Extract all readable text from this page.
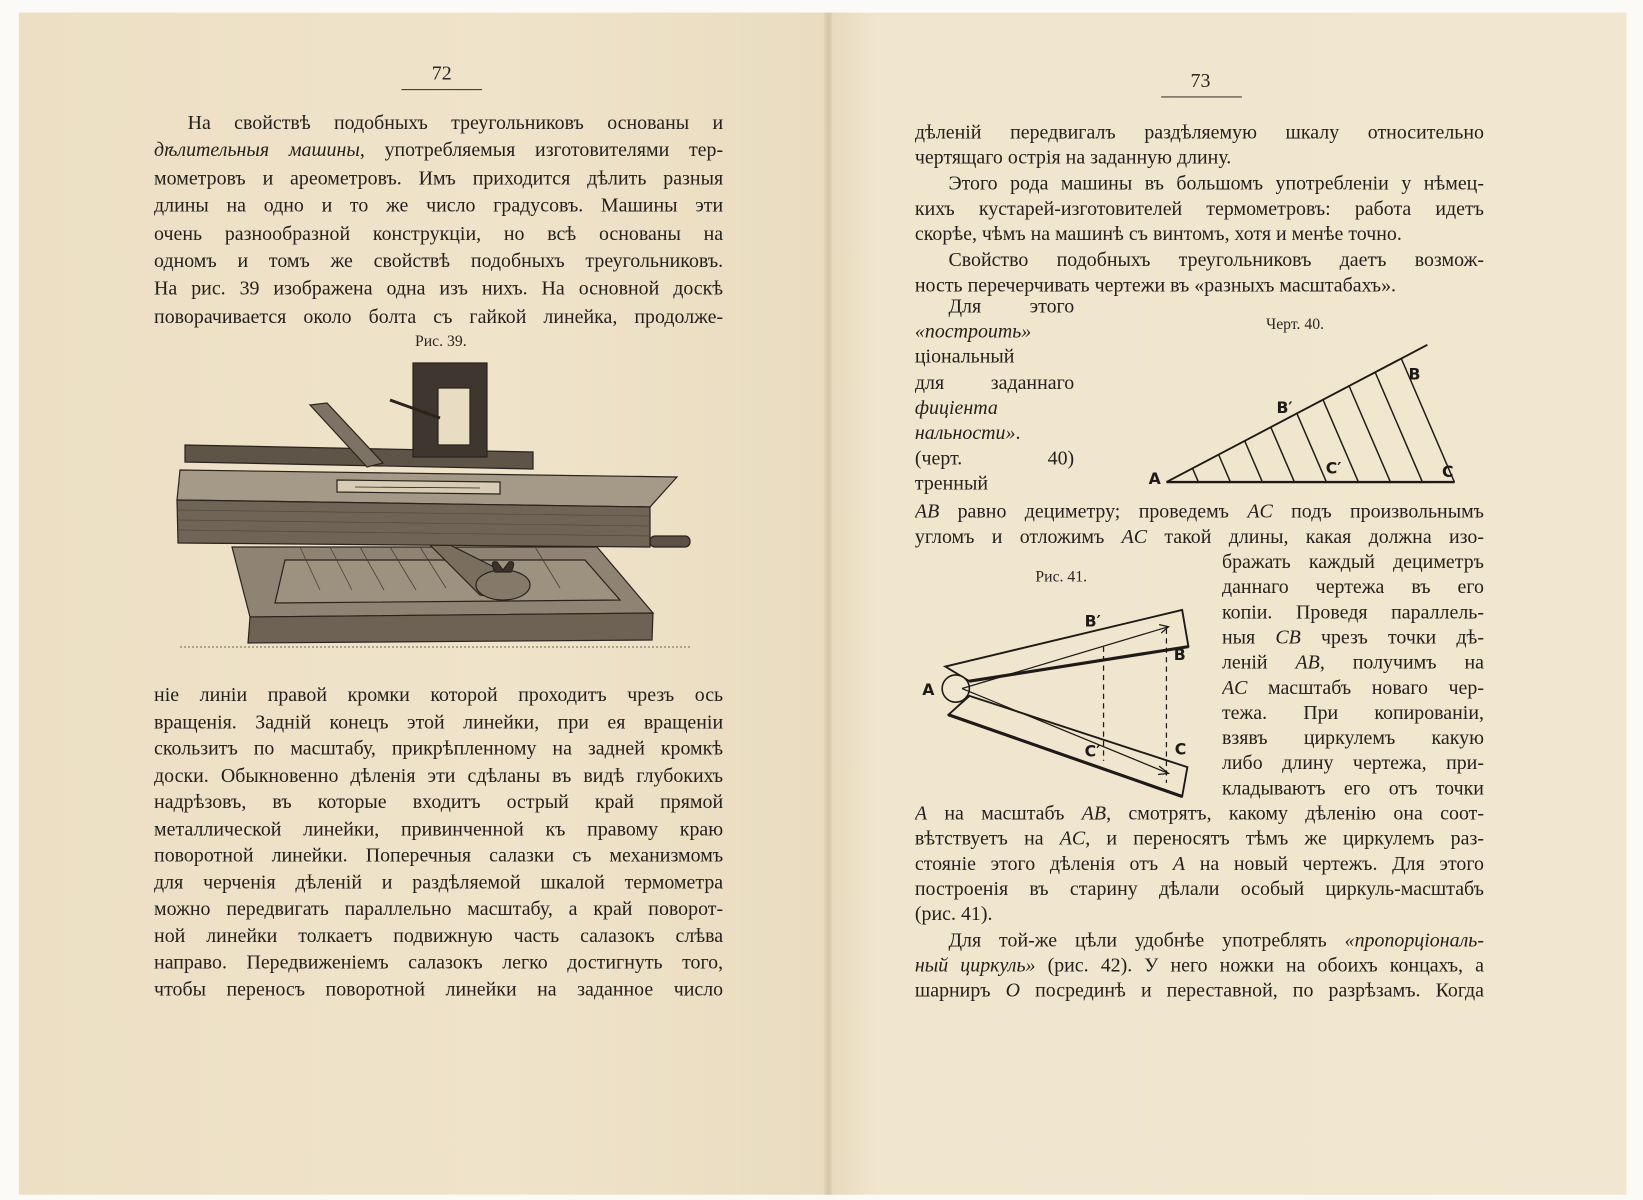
72	73
На свойствѣ подобныхъ треугольниковъ основаны и
дѣлительныя машины, употребляемыя изготовителями тер-
мометровъ и ареометровъ. Имъ приходится дѣлить разныя
длины на одно и то же число градусовъ. Машины эти
очень разнообразной конструкціи, но всѣ основаны на
одномъ и томъ же свойствѣ подобныхъ треугольниковъ.
На рис. 39 изображена одна изъ нихъ. На основной доскѣ
поворачивается около болта съ гайкой линейка, продолже-
ніе линіи правой кромки которой проходитъ чрезъ ось
вращенія. Задній конецъ этой линейки, при ея вращеніи
скользитъ по масштабу, прикрѣпленному на задней кромкѣ
доски. Обыкновенно дѣленія эти сдѣланы въ видѣ глубокихъ
надрѣзовъ, въ которые входитъ острый край прямой
металлической линейки, привинченной къ правому краю
поворотной линейки. Поперечныя салазки съ механизмомъ
для черченія дѣленій и раздѣляемой шкалой термометра
можно передвигать параллельно масштабу, а край поворот-
ной линейки толкаетъ подвижную часть салазокъ слѣва
направо. Передвиженіемъ салазокъ легко достигнуть того,
чтобы переносъ поворотной линейки на заданное число
дѣленій передвигалъ раздѣляемую шкалу относительно
чертящаго острія на заданную длину.
Этого рода машины въ большомъ употребленіи у нѣмец-
кихъ кустарей-изготовителей термометровъ: работа идетъ
скорѣе, чѣмъ на машинѣ съ винтомъ, хотя и менѣе точно.
Свойство подобныхъ треугольниковъ даетъ возмож-
ность перечерчивать чертежи въ «разныхъ масштабахъ».
Для этого
«построить»
ціональный
для заданнаго
фиціента
нальности».
(черт. 40)
тренный
AB равно дециметру; проведемъ AC подъ произвольнымъ
угломъ и отложимъ AC такой длины, какая должна изо-
бражать каждый дециметръ
даннаго чертежа въ его
копіи. Проведя параллель-
ныя CB чрезъ точки дѣ-
леній AB, получимъ на
AC масштабъ новаго чер-
тежа. При копированіи,
взявъ циркулемъ какую
либо длину чертежа, при-
кладываютъ его отъ точки
A на масштабъ AB, смотрятъ, какому дѣленію она соот-
вѣтствуетъ на AC, и переносятъ тѣмъ же циркулемъ раз-
стояніе этого дѣленія отъ A на новый чертежъ. Для этого
построенія въ старину дѣлали особый циркуль-масштабъ
(рис. 41).
Для той-же цѣли удобнѣе употреблять «пропорціональ-
ный циркуль» (рис. 42). У него ножки на обоихъ концахъ, а
шарниръ O посрединѣ и переставной, по разрѣзамъ. Когда
Рис. 39.
Черт. 40.
Рис. 41.
A
B
B′
C′	C
A
B′
B
C′	C
